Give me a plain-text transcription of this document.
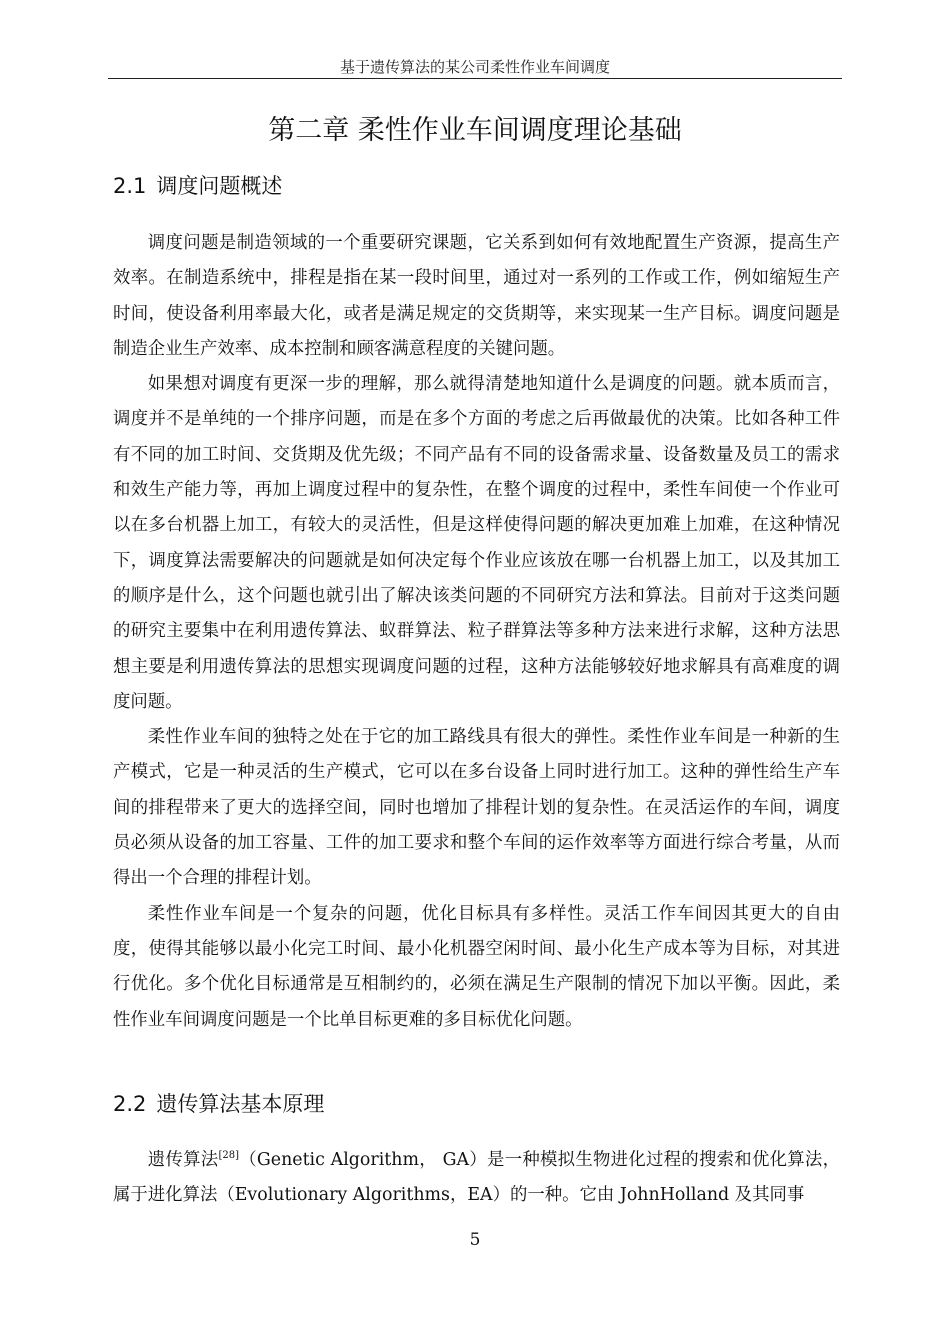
基于遗传算法的某公司柔性作业车间调度
第二章 柔性作业车间调度理论基础
2.1 调度问题概述

调度问题是制造领域的一个重要研究课题，它关系到如何有效地配置生产资源，提高生产效率。在制造系统中，排程是指在某一段时间里，通过对一系列的工作或工作，例如缩短生产时间，使设备利用率最大化，或者是满足规定的交货期等，来实现某一生产目标。调度问题是制造企业生产效率、成本控制和顾客满意程度的关键问题。

如果想对调度有更深一步的理解，那么就得清楚地知道什么是调度的问题。就本质而言，调度并不是单纯的一个排序问题，而是在多个方面的考虑之后再做最优的决策。比如各种工件有不同的加工时间、交货期及优先级；不同产品有不同的设备需求量、设备数量及员工的需求和效生产能力等，再加上调度过程中的复杂性，在整个调度的过程中，柔性车间使一个作业可以在多台机器上加工，有较大的灵活性，但是这样使得问题的解决更加难上加难，在这种情况下，调度算法需要解决的问题就是如何决定每个作业应该放在哪一台机器上加工，以及其加工的顺序是什么，这个问题也就引出了解决该类问题的不同研究方法和算法。目前对于这类问题的研究主要集中在利用遗传算法、蚁群算法、粒子群算法等多种方法来进行求解，这种方法思想主要是利用遗传算法的思想实现调度问题的过程，这种方法能够较好地求解具有高难度的调度问题。

柔性作业车间的独特之处在于它的加工路线具有很大的弹性。柔性作业车间是一种新的生产模式，它是一种灵活的生产模式，它可以在多台设备上同时进行加工。这种的弹性给生产车间的排程带来了更大的选择空间，同时也增加了排程计划的复杂性。在灵活运作的车间，调度员必须从设备的加工容量、工件的加工要求和整个车间的运作效率等方面进行综合考量，从而得出一个合理的排程计划。

柔性作业车间是一个复杂的问题，优化目标具有多样性。灵活工作车间因其更大的自由度，使得其能够以最小化完工时间、最小化机器空闲时间、最小化生产成本等为目标，对其进行优化。多个优化目标通常是互相制约的，必须在满足生产限制的情况下加以平衡。因此，柔性作业车间调度问题是一个比单目标更难的多目标优化问题。

2.2 遗传算法基本原理

遗传算法[28]（Genetic Algorithm， GA）是一种模拟生物进化过程的搜索和优化算法，属于进化算法（Evolutionary Algorithms，EA）的一种。它由 JohnHolland 及其同事

5
